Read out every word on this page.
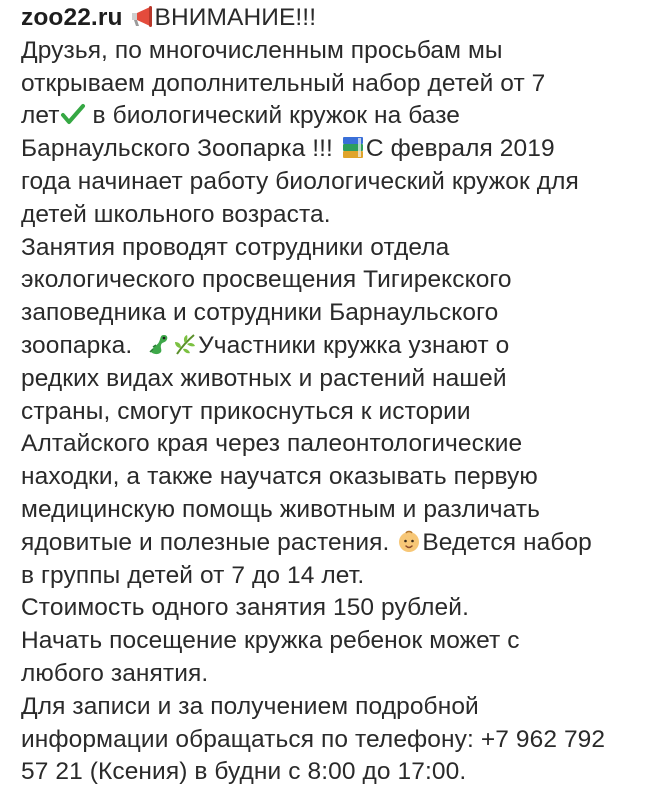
zoo22.ru ВНИМАНИЕ!!!
Друзья, по многочисленным просьбам мы
открываем дополнительный набор детей от 7
лет
в биологический кружок на базе
Барнаульского Зоопарка !!!
С февраля 2019
года начинает работу биологический кружок для
детей школьного возраста.
Занятия проводят сотрудники отдела
экологического просвещения Тигирекского
заповедника и сотрудники Барнаульского
зоопарка.
Участники кружка узнают о
редких видах животных и растений нашей
страны, смогут прикоснуться к истории
Алтайского края через палеонтологические
находки, а также научатся оказывать первую
медицинскую помощь животным и различать
ядовитые и полезные растения.
Ведется набор
в группы детей от 7 до 14 лет.
Стоимость одного занятия 150 рублей.
Начать посещение кружка ребенок может с
любого занятия.
Для записи и за получением подробной
информации обращаться по телефону: +7 962 792
57 21 (Ксения) в будни с 8:00 до 17:00.
